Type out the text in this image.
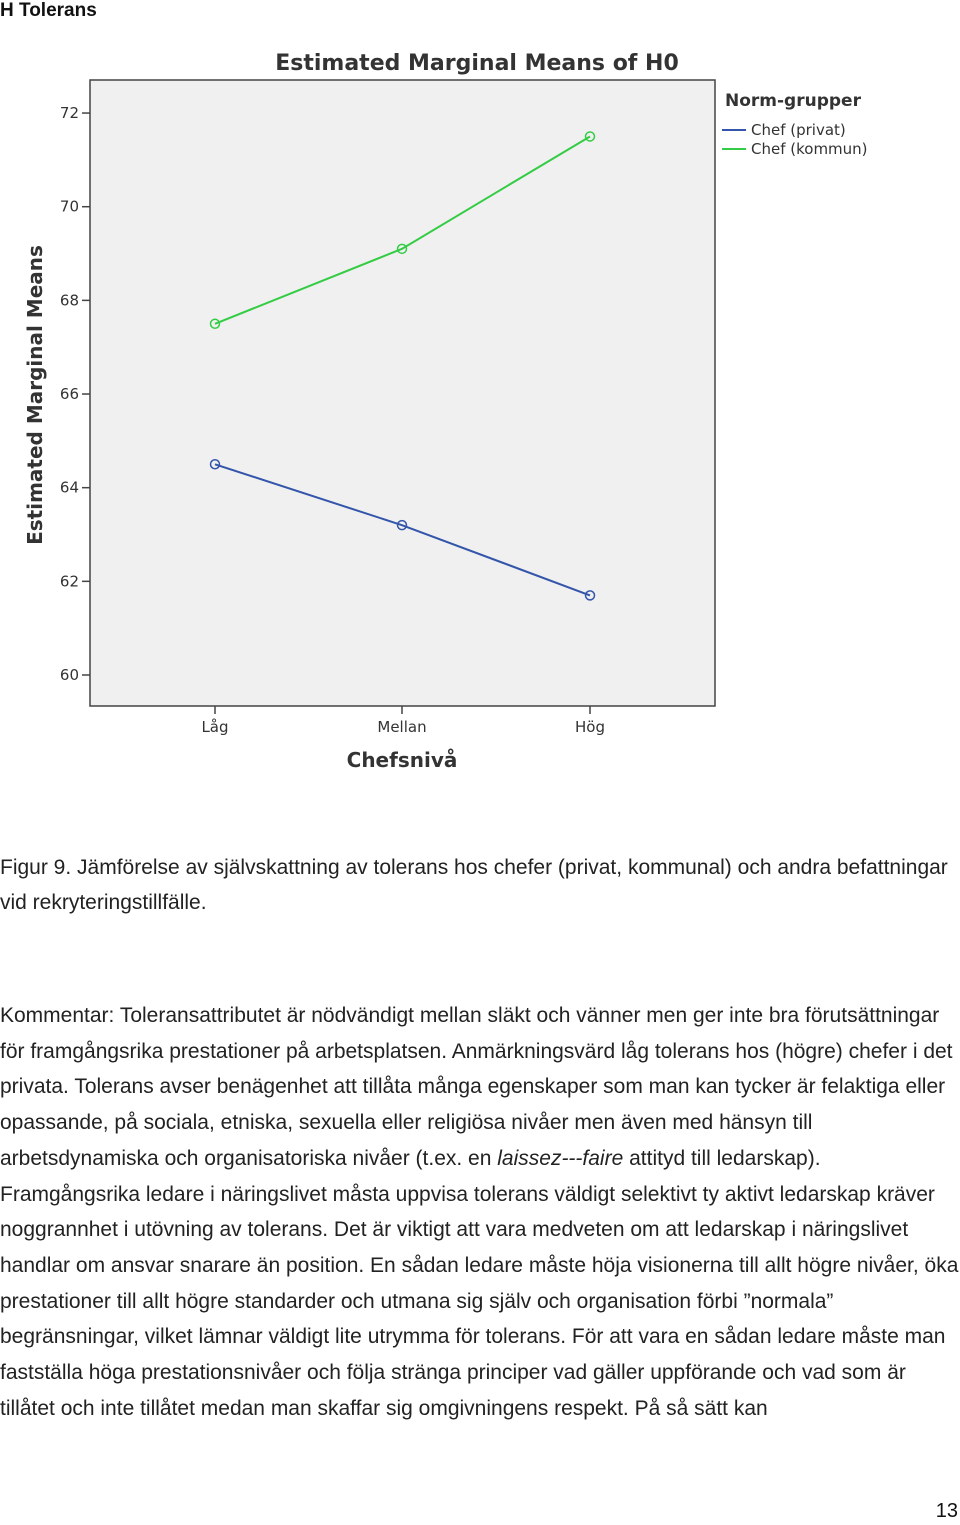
H Tolerans
Estimated Marginal Means of H0
60
62
64
66
68
70
72
Låg	Mellan	Hög
Estimated Marginal Means
Chefsnivå
Norm-grupper
Chef (privat)
Chef (kommun)
Figur 9. Jämförelse av självskattning av tolerans hos chefer (privat, kommunal) och andra befattningar vid rekryteringstillfälle.

Kommentar: Toleransattributet är nödvändigt mellan släkt och vänner men ger inte bra förutsättningar för framgångsrika prestationer på arbetsplatsen. Anmärkningsvärd låg tolerans hos (högre) chefer i det privata. Tolerans avser benägenhet att tillåta många egenskaper som man kan tycker är felaktiga eller opassande, på sociala, etniska, sexuella eller religiösa nivåer men även med hänsyn till arbetsdynamiska och organisatoriska nivåer (t.ex. en laissez---faire attityd till ledarskap). Framgångsrika ledare i näringslivet måsta uppvisa tolerans väldigt selektivt ty aktivt ledarskap kräver noggrannhet i utövning av tolerans. Det är viktigt att vara medveten om att ledarskap i näringslivet handlar om ansvar snarare än position. En sådan ledare måste höja visionerna till allt högre nivåer, öka prestationer till allt högre standarder och utmana sig själv och organisation förbi ”normala” begränsningar, vilket lämnar väldigt lite utrymma för tolerans. För att vara en sådan ledare måste man fastställa höga prestationsnivåer och följa stränga principer vad gäller uppförande och vad som är tillåtet och inte tillåtet medan man skaffar sig omgivningens respekt. På så sätt kan

13
